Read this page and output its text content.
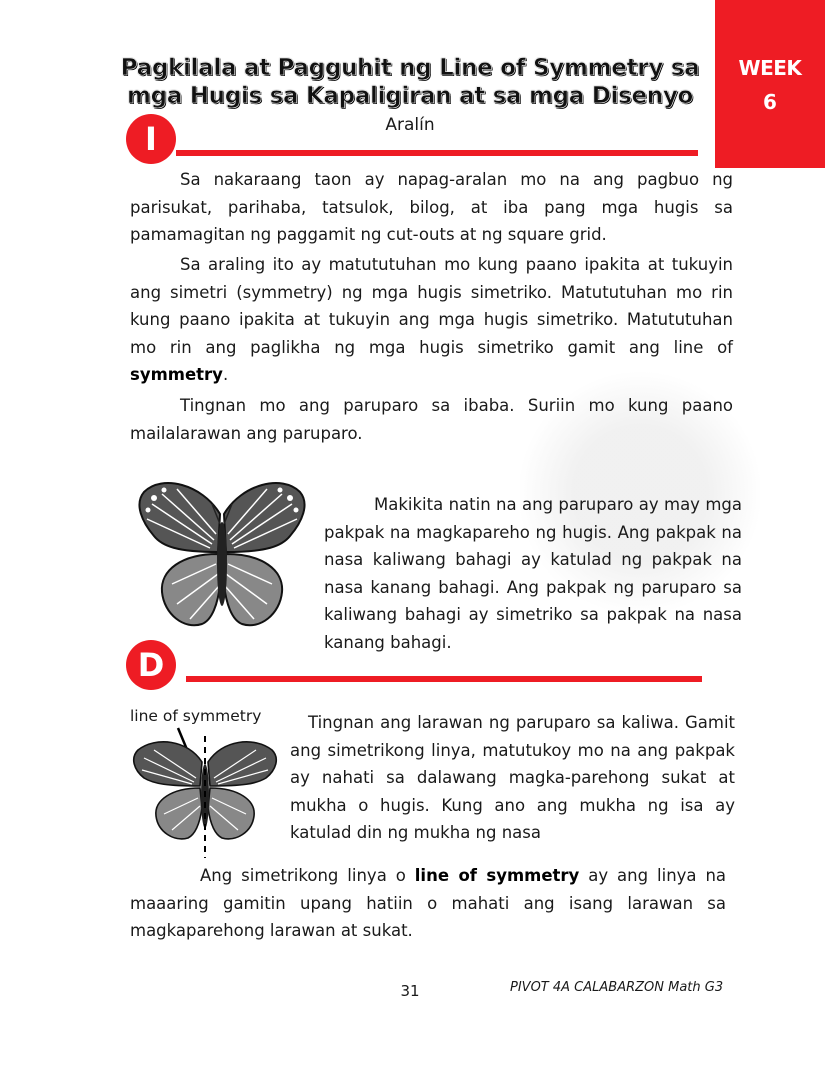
WEEK
6
Pagkilala at Pagguhit ng Line of Symmetry sa
mga Hugis sa Kapaligiran at sa mga Disenyo
Aralín
I
Sa nakaraang taon ay napag-aralan mo na ang pagbuo ng parisukat, parihaba, tatsulok, bilog, at iba pang mga hugis sa pamamagitan ng paggamit ng cut-outs at ng square grid.
Sa araling ito ay matututuhan mo kung paano ipakita at tukuyin ang simetri (symmetry) ng mga hugis simetriko. Matututuhan mo rin kung paano ipakita at tukuyin ang mga hugis simetriko. Matututuhan mo rin ang paglikha ng mga hugis simetriko gamit ang line of symmetry.
Tingnan mo ang paruparo sa ibaba. Suriin mo kung paano mailalarawan ang paruparo.
Makikita natin na ang paruparo ay may mga pakpak na magkapareho ng hugis. Ang pakpak na nasa kaliwang bahagi ay katulad ng pakpak na nasa kanang bahagi. Ang pakpak ng paruparo sa kaliwang bahagi ay simetriko sa pakpak na nasa kanang bahagi.
D
line of symmetry	Tingnan ang larawan ng paruparo sa kaliwa. Gamit ang simetrikong linya, matutukoy mo na ang pakpak ay nahati sa dalawang magka-parehong sukat at mukha o hugis. Kung ano ang mukha ng isa ay katulad din ng mukha ng nasa
Ang simetrikong linya o line of symmetry ay ang linya na maaaring gamitin upang hatiin o mahati ang isang larawan sa magkaparehong larawan at sukat.
31	PIVOT 4A CALABARZON Math G3
